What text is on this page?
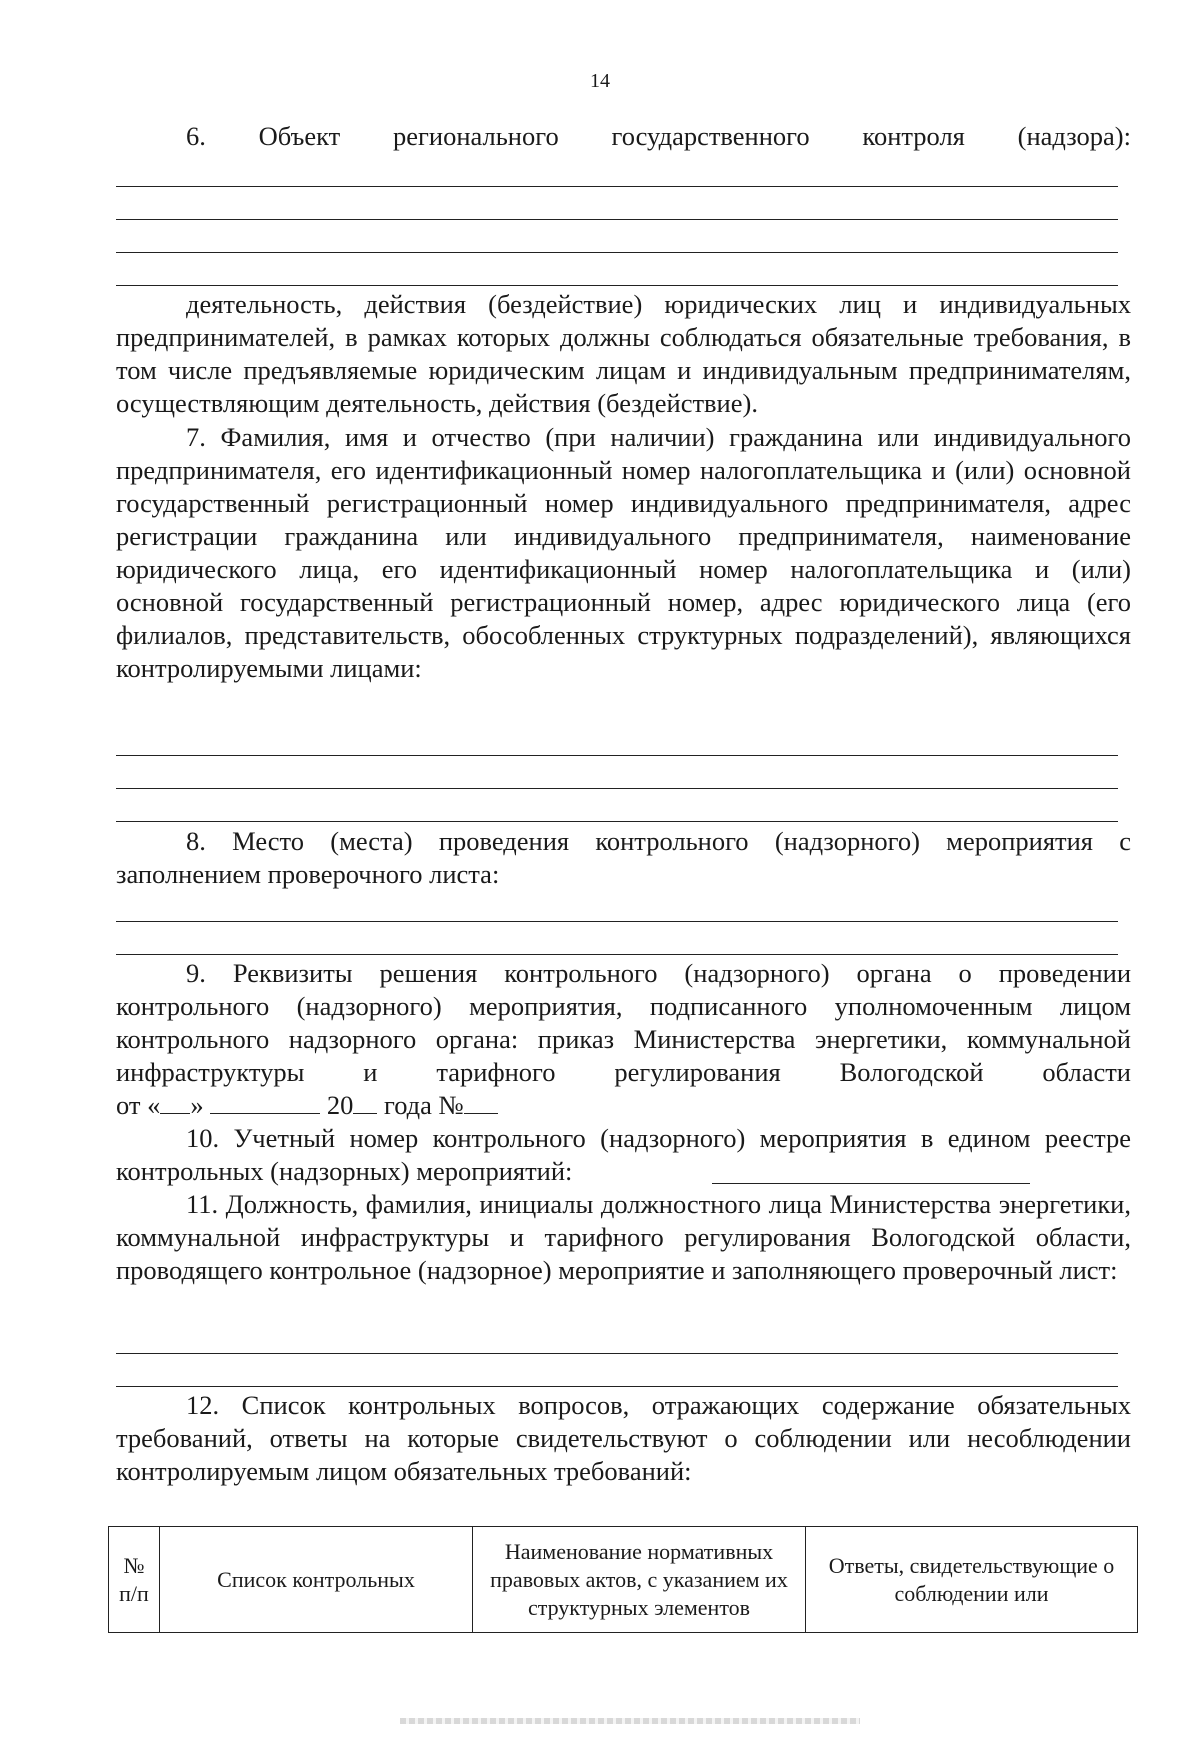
14

6. Объект регионального государственного контроля (надзора):

деятельность, действия (бездействие) юридических лиц и индивидуальных предпринимателей, в рамках которых должны соблюдаться обязательные требования, в том числе предъявляемые юридическим лицам и индивидуальным предпринимателям, осуществляющим деятельность, действия (бездействие).

7. Фамилия, имя и отчество (при наличии) гражданина или индивидуального предпринимателя, его идентификационный номер налогоплательщика и (или) основной государственный регистрационный номер индивидуального предпринимателя, адрес регистрации гражданина или индивидуального предпринимателя, наименование юридического лица, его идентификационный номер налогоплательщика и (или) основной государственный регистрационный номер, адрес юридического лица (его филиалов, представительств, обособленных структурных подразделений), являющихся контролируемыми лицами:

8. Место (места) проведения контрольного (надзорного) мероприятия с заполнением проверочного листа:

9. Реквизиты решения контрольного (надзорного) органа о проведении контрольного (надзорного) мероприятия, подписанного уполномоченным лицом контрольного надзорного органа: приказ Министерства энергетики, коммунальной инфраструктуры и тарифного регулирования Вологодской области

от « »	20 года №

10. Учетный номер контрольного (надзорного) мероприятия в едином реестре контрольных (надзорных) мероприятий:

11. Должность, фамилия, инициалы должностного лица Министерства энергетики, коммунальной инфраструктуры и тарифного регулирования Вологодской области, проводящего контрольное (надзорное) мероприятие и заполняющего проверочный лист:

12. Список контрольных вопросов, отражающих содержание обязательных требований, ответы на которые свидетельствуют о соблюдении или несоблюдении контролируемым лицом обязательных требований:

№ п/п	Список контрольных	Наименование нормативных правовых актов, с указанием их структурных элементов	Ответы, свидетельствующие о соблюдении или
